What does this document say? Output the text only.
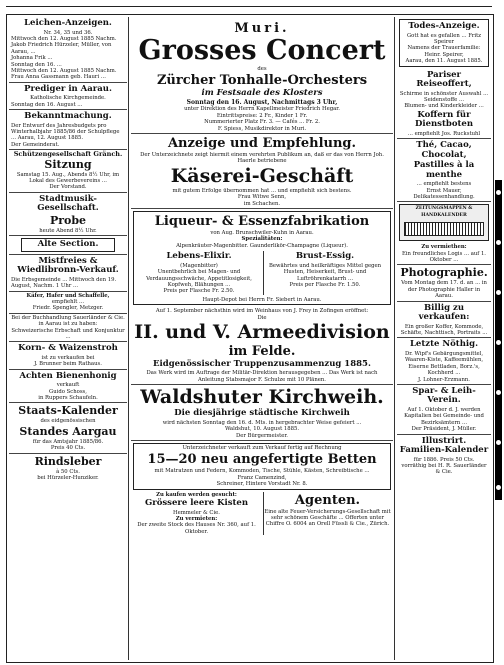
Leichen-Anzeigen.

Nr. 34, 35 und 36.

Mittwoch den 12. August 1885 Nachm.
Jakob Friedrich Hürzeler, Müller, von Aarau, ...
Johanna Frik ...
Sonntag den 16. ...
Mittwoch den 12. August 1885 Nachm.
Frau Anna Gassmann geb. Hauri ...

Prediger in Aarau.

Katholische Kirchgemeinde.

Sonntag den 16. August ...

Bekanntmachung.

Der Entwurf des Jahresbudgets pro Winterhalbjahr 1885/86 der Schulpflege ... Aarau, 12. August 1885.
Der Gemeinderat.

Schützengesellschaft Gränch.

Sitzung

Samstag 15. Aug., Abends 8½ Uhr, im Lokal des Gewerbevereins ...
Der Vorstand.

Stadtmusik-Gesellschaft.

Probe

heute Abend 8½ Uhr.

Alte Section.

Mistfreies & Wiedlibronn-Verkauf.

Die Erbsgemeinde ... Mittwoch den 19. August, Nachm. 1 Uhr ...

Käfer, Hafer und Schaffelle,

empfiehlt ...
Friedr. Spengler, Metzger.

Bei der Buchhandlung Sauerländer & Cie. in Aarau ist zu haben:
Schweizerische Erbschaft und Konjunktur ...

Korn- & Waizenstroh

ist zu verkaufen bei
J. Brunner beim Rathaus.

Achten Bienenhonig

verkauft
Guido Schoss,
in Ruppers Schaufeln.

Staats-Kalender

des eidgenössischen

Standes Aargau

für das Amtsjahr 1885/86.
Preis 40 Cts.

Rindsleber

à 50 Cts.
bei Hürzeler-Hunziker.

Muri.

Grosses Concert

des

Zürcher Tonhalle-Orchesters

im Festsaale des Klosters

Sonntag den 16. August, Nachmittags 3 Uhr,

unter Direktion des Herrn Kapellmeister Friedrich Hegar.
Eintrittspreise: 2 Fr., Kinder 1 Fr.
Nummerierter Platz Fr. 3. — Cafés ... Fr. 2.
F. Spiess, Musikdirektor in Muri.

Anzeige und Empfehlung.

Der Unterzeichnete zeigt hiermit einem verehrten Publikum an, daß er das von Herrn Joh. Haerle betriebene

Käserei-Geschäft

mit gutem Erfolge übernommen hat ... und empfiehlt sich bestens.
Frau Witwe Senn,
im Schachen.

Liqueur- & Essenzfabrikation

von Aug. Brunschwiler-Kuhn in Aarau.

Spezialitäten:

Alpenkräuter-Magenbitter. Gaunderlikör-Champagne (Liqueur).

Lebens-Elixir.

(Magenbitter)
Unentbehrlich bei Magen- und Verdauungsschwäche, Appetitlosigkeit, Kopfweh, Blähungen ...
Preis per Flasche Fr. 2.50.

Brust-Essig.

Bewährtes und heilkräftiges Mittel gegen Husten, Heiserkeit, Brust- und Luftröhrenkatarrh ...
Preis per Flasche Fr. 1.50.

Haupt-Depot bei Herrn Fr. Siebert in Aarau.

Auf 1. September nächsthin wird im Weinhaus von J. Frey in Zofingen eröffnet:

Die

II. und V. Armeedivision

im Felde.

Eidgenössischer Truppenzusammenzug 1885.

Das Werk wird im Auftrage der Militär-Direktion herausgegeben ... Das Werk ist nach Anleitung Stabsmajor F. Schulze mit 10 Plänen.

Waldshuter Kirchweih.

Die diesjährige städtische Kirchweih

wird nächsten Sonntag den 16. d. Mts. in hergebrachter Weise gefeiert ...
Waldshut, 10. August 1885.
Der Bürgermeister.

Unterzeichneter verkauft zum Verkauf fertig auf Rechnung

15—20 neu angefertigte Betten

mit Matratzen und Federn, Kommoden, Tische, Stühle, Kästen, Schreibtische ...
Franz Camenzind,
Schreiner, Hintere Vorstadt Nr. 8.

Zu kaufen werden gesucht:

Grössere leere Kisten

Hemmeler & Cie.

Zu vermieten:

Der zweite Stock des Hauses Nr. 360, auf 1. Oktober.

Agenten.

Eine alte Feuer-Versicherungs-Gesellschaft mit sehr schönem Geschäfte ... Offerten unter Chiffre O. 6004 an Orell Füssli & Cie., Zürich.

Todes-Anzeige.

Gott hat es gefallen ... Fritz Speirer
Namens der Trauerfamilie:
Heinr. Speirer,
Aarau, den 11. August 1885.

Pariser Reiseoffert,

Schirme in schönster Auswahl ... Seidenstoffe ...
Blumen- und Kinderkleider ...

Koffern für Dienstboten

... empfiehlt Jos. Ruckstuhl

Thé, Cacao, Chocolat,

Pastilles à la menthe

... empfiehlt bestens
Ernst Mauer, Delikatessenhandlung.

ZEITUNGSMAPPEN & HANDKALENDER

Zu vermiethen:

Ein freundliches Logis ... auf 1. Oktober ...

Photographie.

Vom Montag dem 17. d. an ... in der Photographie Haller in Aarau.

Billig zu verkaufen:

Ein großer Koffer, Kommode, Schäfte, Nachttisch, Portraits ...

Letzte Nöthig.

Dr. Wipf's Gebärgungsmittel, Waaren-Kiste, Kaffeemühlen, Eiserne Bettladen, Borz.'s, Kochherd ...
J. Lohner-Erzmann.

Spar- & Leih-Verein.

Auf 1. Oktober d. J. werden Kapitalien bei Gemeinde- und Bezirksämtern ...
Der Präsident, J. Müller.

Illustrirt. Familien-Kalender

für 1886. Preis 50 Cts.
vorräthig bei H. R. Sauerländer & Cie.
